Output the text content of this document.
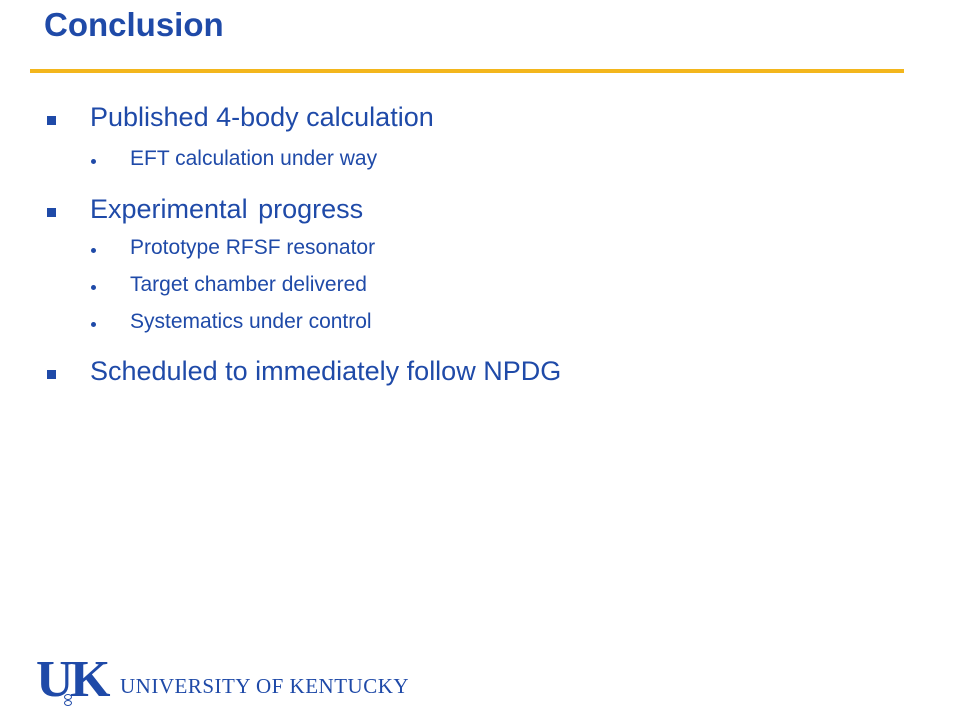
Conclusion
Published 4-body calculation
EFT calculation under way
Experimental progress
Prototype RFSF resonator
Target chamber delivered
Systematics under control
Scheduled to immediately follow NPDG
U
K UNIVERSITY OF KENTUCKY
